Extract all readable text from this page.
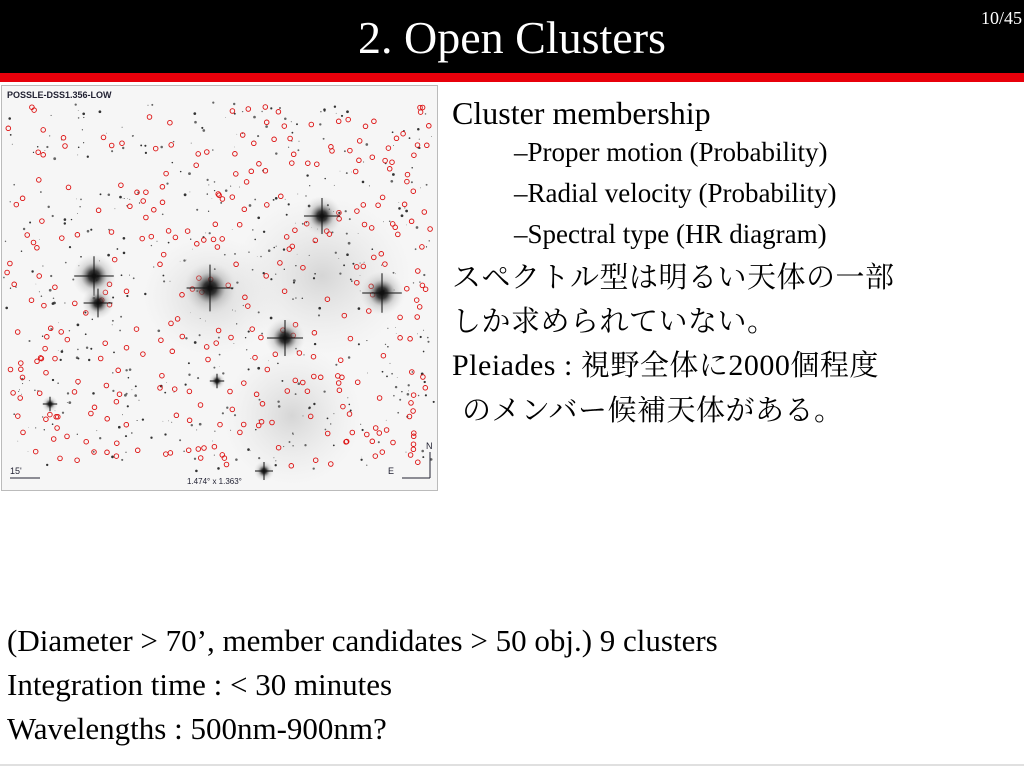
2. Open Clusters	10/45
POSSLE-DSS1.356-LOW
15'
1.474° x 1.363°
N
E
Cluster membership
–Proper motion (Probability)
–Radial velocity (Probability)
–Spectral type (HR diagram)
スペクトル型は明るい天体の一部
しか求められていない。
Pleiades : 視野全体に2000個程度
のメンバー候補天体がある。
(Diameter > 70’, member candidates > 50 obj.) 9 clusters
Integration time : < 30 minutes
Wavelengths : 500nm-900nm?
